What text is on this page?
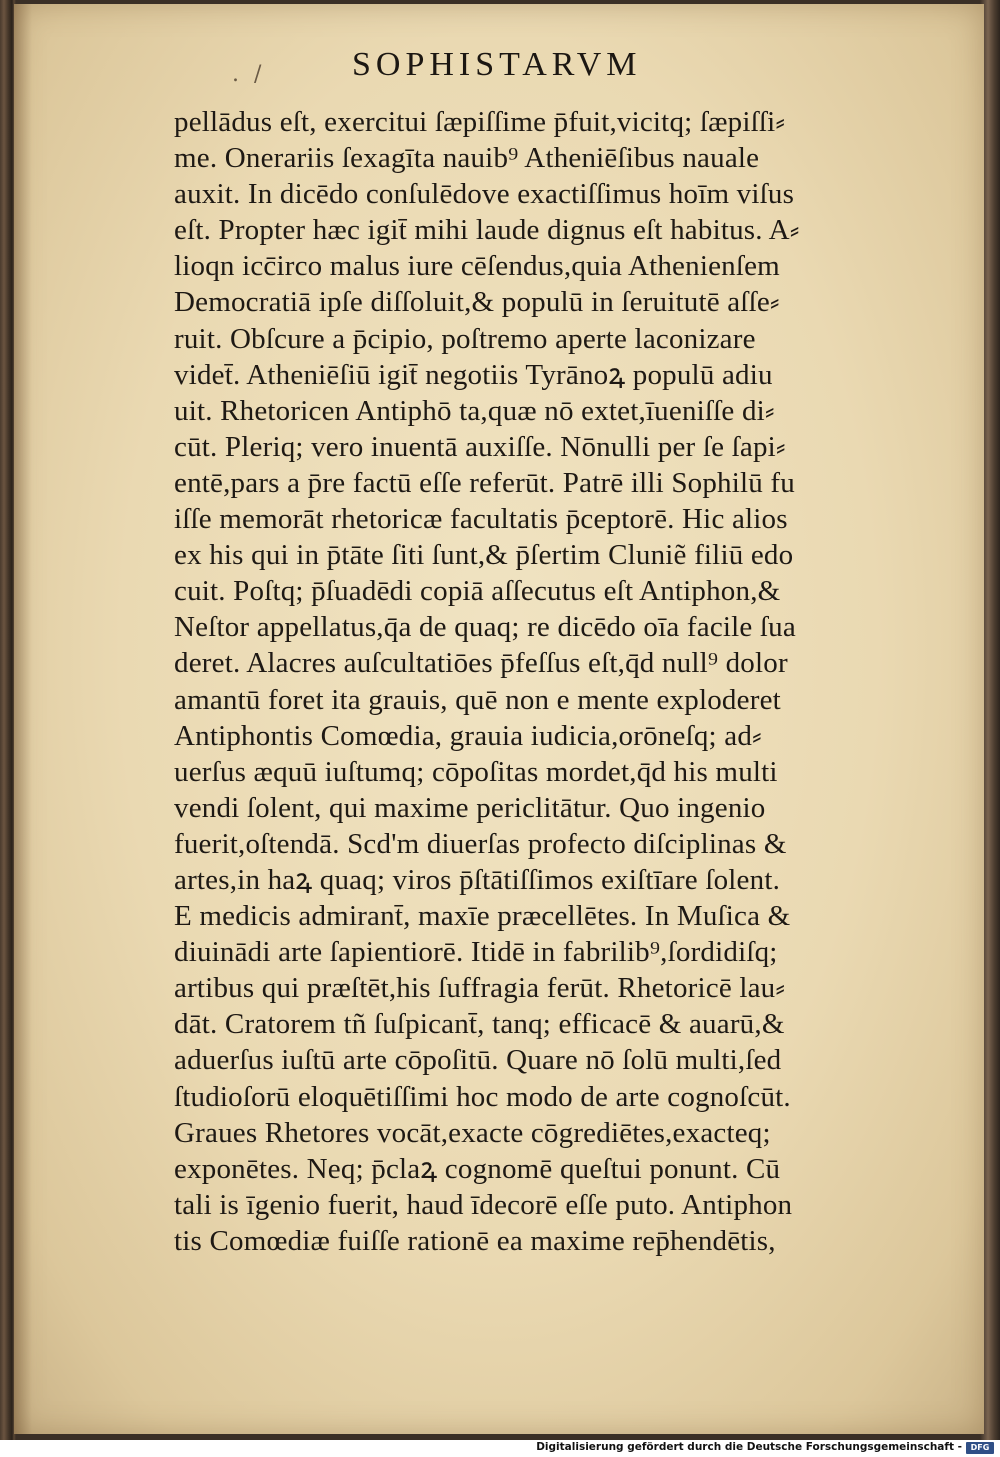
. /	SOPHISTARVM
pellādus eſt, exercitui ſæpiſſime p̄fuit,vicitq; ſæpiſſi⸗
me. Onerariis ſexagīta nauib⁹ Atheniēſibus nauale
auxit. In dicēdo conſulēdove exactiſſimus hoīm viſus
eſt. Propter hæc igit̄ mihi laude dignus eſt habitus. A⸗
lioqn icc̄irco malus iure cēſendus,quia Athenienſem
Democratiā ipſe diſſoluit,& populū in ſeruitutē aſſe⸗
ruit. Obſcure a p̄cipio, poſtremo aperte laconizare
videt̄. Atheniēſiū igit̄ negotiis Tyrānoꝝ populū adiu
uit. Rhetoricen Antiphō ta,quæ nō extet,īueniſſe di⸗
cūt. Pleriq; vero inuentā auxiſſe. Nōnulli per ſe ſapi⸗
entē,pars a p̄re factū eſſe referūt. Patrē illi Sophilū fu
iſſe memorāt rhetoricæ facultatis p̄ceptorē. Hic alios
ex his qui in p̄tāte ſiti ſunt,& p̄ſertim Cluniẽ filiū edo
cuit. Poſtq; p̄ſuadēdi copiā aſſecutus eſt Antiphon,&
Neſtor appellatus,q̄a de quaq; re dicēdo oīa facile ſua
deret. Alacres auſcultatiōes p̄feſſus eſt,q̄d null⁹ dolor
amantū foret ita grauis, quē non e mente exploderet
Antiphontis Comœdia, grauia iudicia,orōneſq; ad⸗
uerſus æquū iuſtumq; cōpoſitas mordet,q̄d his multi
vendi ſolent, qui maxime periclitātur. Quo ingenio
fuerit,oſtendā. Scd'm diuerſas profecto diſciplinas &
artes,in haꝝ quaq; viros p̄ſtātiſſimos exiſtīare ſolent.
E medicis admirant̄, maxīe præcellētes. In Muſica &
diuinādi arte ſapientiorē. Itidē in fabrilib⁹,ſordidiſq;
artibus qui præſtēt,his ſuffragia ferūt. Rhetoricē lau⸗
dāt. Cratorem tñ ſuſpicant̄, tanq; efficacē & auarū,&
aduerſus iuſtū arte cōpoſitū. Quare nō ſolū multi,ſed
ſtudioſorū eloquētiſſimi hoc modo de arte cognoſcūt.
Graues Rhetores vocāt,exacte cōgrediētes,exacteq;
exponētes. Neq; p̄claꝝ cognomē queſtui ponunt. Cū
tali is īgenio fuerit, haud īdecorē eſſe puto. Antiphon
tis Comœdiæ fuiſſe rationē ea maxime rep̄hendētis,
Digitalisierung gefördert durch die Deutsche Forschungsgemeinschaft -	DFG
